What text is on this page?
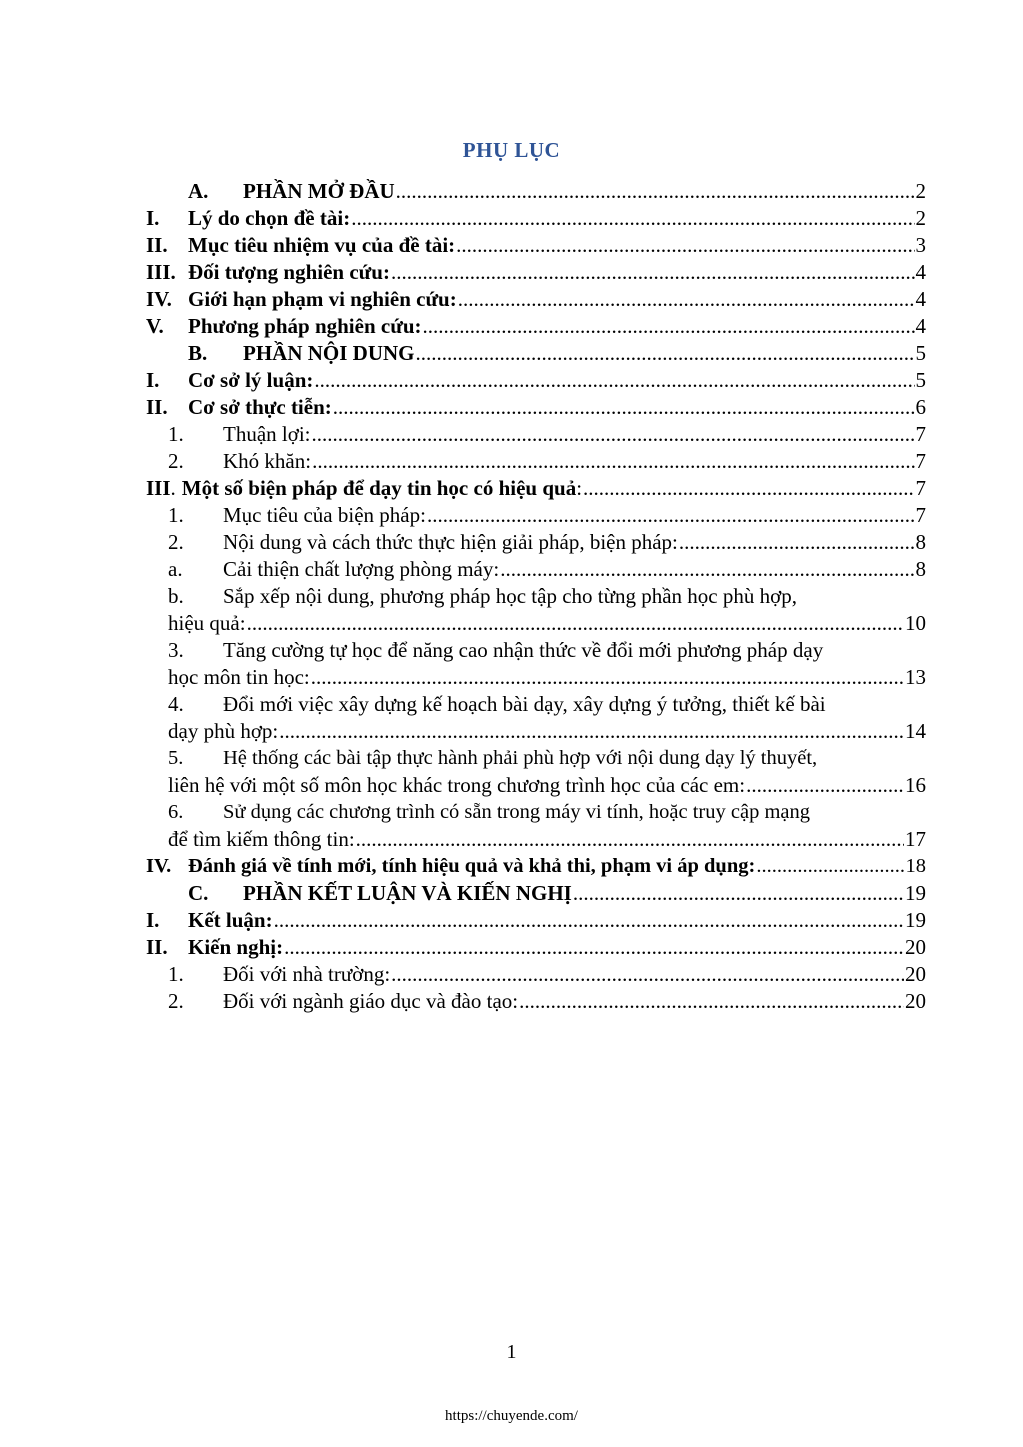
PHỤ LỤC
A.	PHẦN MỞ ĐẦU .....	2
I.	Lý do chọn đề tài: .....	2
II. Mục tiêu nhiệm vụ của đề tài: .....	3
III. Đối tượng nghiên cứu: .....	4
IV. Giới hạn phạm vi nghiên cứu: .....	4
V.	Phương pháp nghiên cứu: .....	4
B.	PHẦN NỘI DUNG .....	5
I.	Cơ sở lý luận: .....	5
II. Cơ sở thực tiễn: .....	6
1.	Thuận lợi: .....	7
2.	Khó khăn: .....	7
III . Một số biện pháp để dạy tin học có hiệu quả : .....	7
1.	Mục tiêu của biện pháp: .....	7
2.	Nội dung và cách thức thực hiện giải pháp, biện pháp: .....	8
a.	Cải thiện chất lượng phòng máy: .....	8
b. Sắp xếp nội dung, phương pháp học tập cho từng phần học phù hợp,
hiệu quả: .....	10
3. Tăng cường tự học để năng cao nhận thức về đổi mới phương pháp dạy
học môn tin học: .....	13
4. Đổi mới việc xây dựng kế hoạch bài dạy, xây dựng ý tưởng, thiết kế bài
dạy phù hợp: .....	14
5. Hệ thống các bài tập thực hành phải phù hợp với nội dung dạy lý thuyết,
liên hệ với một số môn học khác trong chương trình học của các em: .....	16
6. Sử dụng các chương trình có sẵn trong máy vi tính, hoặc truy cập mạng
để tìm kiếm thông tin: .....	17
IV. Đánh giá về tính mới, tính hiệu quả và khả thi, phạm vi áp dụng: .....	18
C.	PHẦN KẾT LUẬN VÀ KIẾN NGHỊ .....	19
I.	Kết luận: .....	19
II. Kiến nghị: .....	20
1.	Đối với nhà trường: .....	20
2.	Đối với ngành giáo dục và đào tạo: .....	20
1
https://chuyende.com/
